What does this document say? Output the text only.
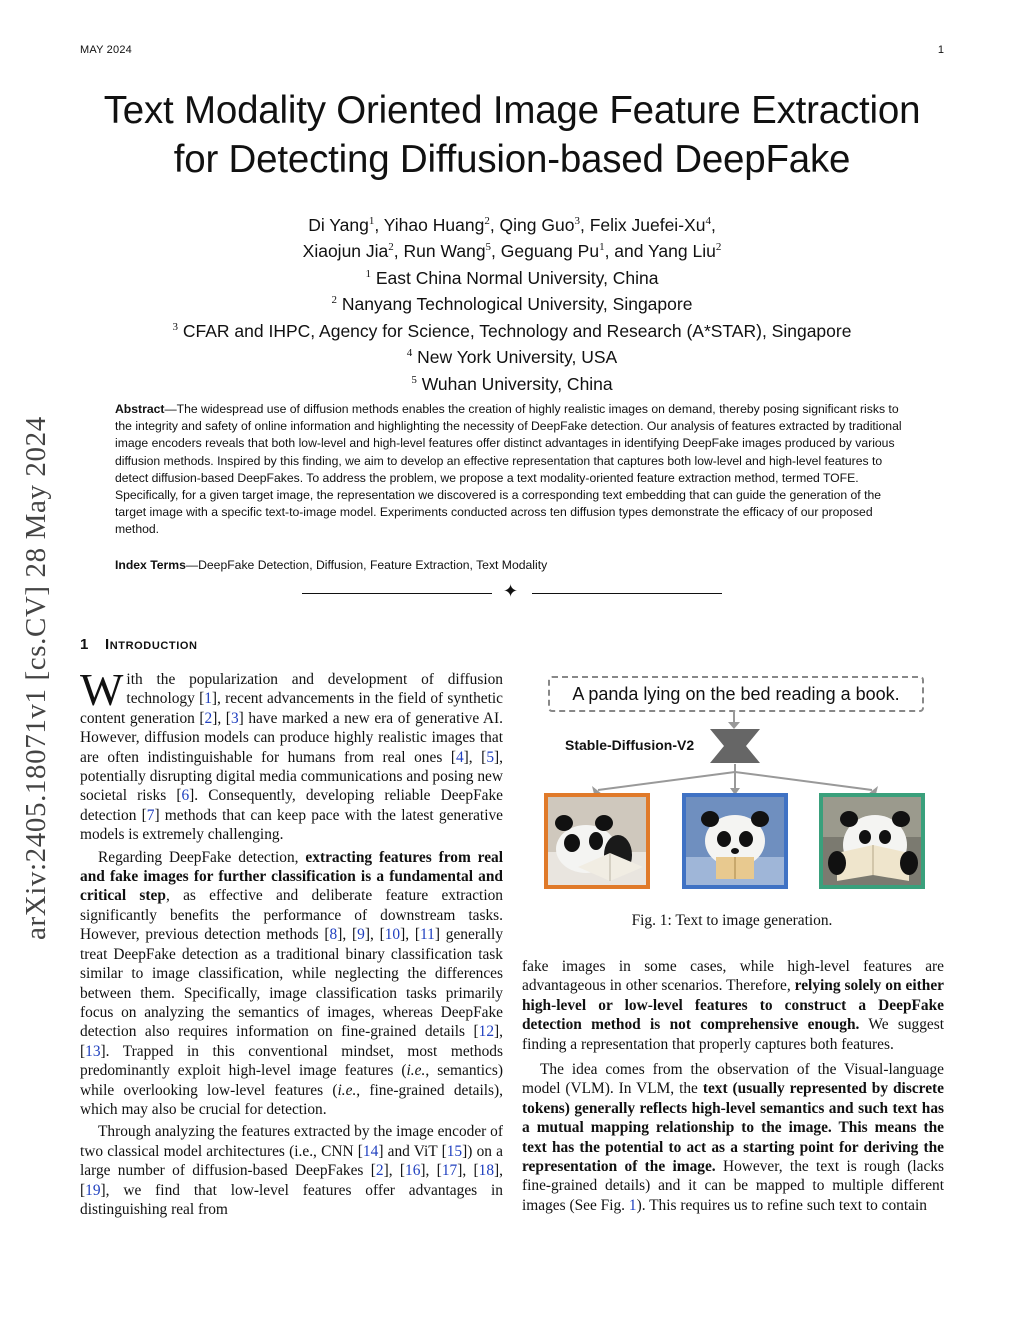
MAY 2024	1
arXiv:2405.18071v1 [cs.CV] 28 May 2024
Text Modality Oriented Image Feature Extraction
for Detecting Diffusion-based DeepFake
Di Yang$^1$, Yihao Huang$^2$, Qing Guo$^3$, Felix Juefei-Xu$^4$,
Xiaojun Jia$^2$, Run Wang$^5$, Geguang Pu$^1$, and Yang Liu$^2$
$^1$ East China Normal University, China
$^2$ Nanyang Technological University, Singapore
$^3$ CFAR and IHPC, Agency for Science, Technology and Research (A*STAR), Singapore
$^4$ New York University, USA
$^5$ Wuhan University, China
Abstract—The widespread use of diffusion methods enables the creation of highly realistic images on demand, thereby posing significant risks to the integrity and safety of online information and highlighting the necessity of DeepFake detection. Our analysis of features extracted by traditional image encoders reveals that both low-level and high-level features offer distinct advantages in identifying DeepFake images produced by various diffusion methods. Inspired by this finding, we aim to develop an effective representation that captures both low-level and high-level features to detect diffusion-based DeepFakes. To address the problem, we propose a text modality-oriented feature extraction method, termed TOFE. Specifically, for a given target image, the representation we discovered is a corresponding text embedding that can guide the generation of the target image with a specific text-to-image model. Experiments conducted across ten diffusion types demonstrate the efficacy of our proposed method.
Index Terms—DeepFake Detection, Diffusion, Feature Extraction, Text Modality
✦
1 Introduction

With the popularization and development of diffusion technology [1], recent advancements in the field of synthetic content generation [2], [3] have marked a new era of generative AI. However, diffusion models can produce highly realistic images that are often indistinguishable for humans from real ones [4], [5], potentially disrupting digital media communications and posing new societal risks [6]. Consequently, developing reliable DeepFake detection [7] methods that can keep pace with the latest generative models is extremely challenging.

Regarding DeepFake detection, extracting features from real and fake images for further classification is a fundamental and critical step, as effective and deliberate feature extraction significantly benefits the performance of downstream tasks. However, previous detection methods [8], [9], [10], [11] generally treat DeepFake detection as a traditional binary classification task similar to image classification, while neglecting the differences between them. Specifically, image classification tasks primarily focus on analyzing the semantics of images, whereas DeepFake detection also requires information on fine-grained details [12], [13]. Trapped in this conventional mindset, most methods predominantly exploit high-level image features (i.e., semantics) while overlooking low-level features (i.e., fine-grained details), which may also be crucial for detection.

Through analyzing the features extracted by the image encoder of two classical model architectures (i.e., CNN [14] and ViT [15]) on a large number of diffusion-based DeepFakes [2], [16], [17], [18], [19], we find that low-level features offer advantages in distinguishing real from

fake images in some cases, while high-level features are advantageous in other scenarios. Therefore, relying solely on either high-level or low-level features to construct a DeepFake detection method is not comprehensive enough. We suggest finding a representation that properly captures both features.

The idea comes from the observation of the Visual-language model (VLM). In VLM, the text (usually represented by discrete tokens) generally reflects high-level semantics and such text has a mutual mapping relationship to the image. This means the text has the potential to act as a starting point for deriving the representation of the image. However, the text is rough (lacks fine-grained details) and it can be mapped to multiple different images (See Fig. 1). This requires us to refine such text to contain

A panda lying on the bed reading a book.
Stable-Diffusion-V2
Fig. 1: Text to image generation.
